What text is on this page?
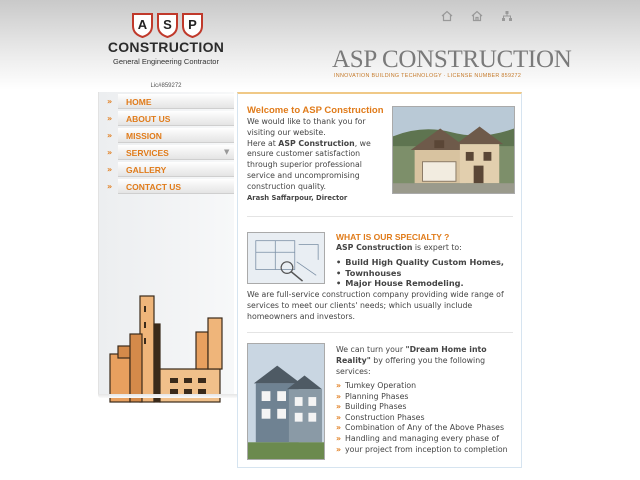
A S P
CONSTRUCTION
General Engineering Contractor
Lic#859272
ASP CONSTRUCTION
INNOVATION BUILDING TECHNOLOGY · LICENSE NUMBER 859272
» HOME
» ABOUT US
» MISSION
» SERVICES	▼
» GALLERY
» CONTACT US
Welcome to ASP Construction
We would like to thank you for visiting our website.
Here at ASP Construction, we ensure customer satisfaction through superior professional service and uncompromising construction quality.
Arash Saffarpour, Director
WHAT IS OUR SPECIALTY ?
ASP Construction is expert to:
• Build High Quality Custom Homes,
• Townhouses
• Major House Remodeling.
We are full-service construction company providing wide range of services to meet our clients' needs; which usually include homeowners and investors.
We can turn your "Dream Home into Reality" by offering you the following services:
» Tumkey Operation
» Planning Phases
» Building Phases
» Construction Phases
» Combination of Any of the Above Phases
» Handling and managing every phase of
» your project from inception to completion
